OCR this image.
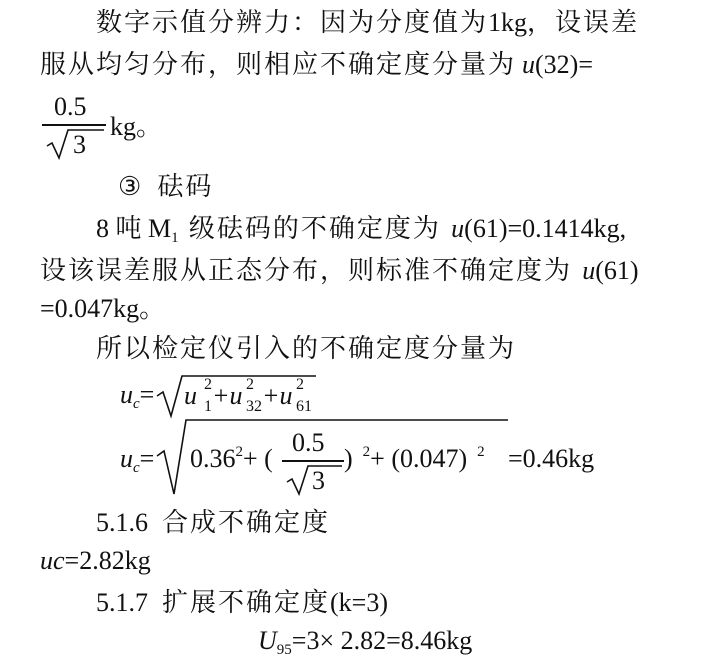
数字示值分辨力：因为分度值为1kg，设误差
服从均匀分布，则相应不确定度分量为 u(32)=
0.5
3
kg。
③ 砝码
8 吨 $M_1$ 级砝码的不确定度为 u(61)=0.1414kg,
设该误差服从正态分布，则标准不确定度为 u(61)
=0.047kg。
所以检定仪引入的不确定度分量为
$u_c= u$ 2
1 +u 2
32 +u 2
61
$u_c= 0.36^2+$ (
0.5
3
) $^2$+ (0.047) $^2$ =0.46kg
5.1.6 合成不确定度
uc=2.82kg
5.1.7 扩展不确定度(k=3)
$U_{95}=3\times 2.82=8.46kg$
